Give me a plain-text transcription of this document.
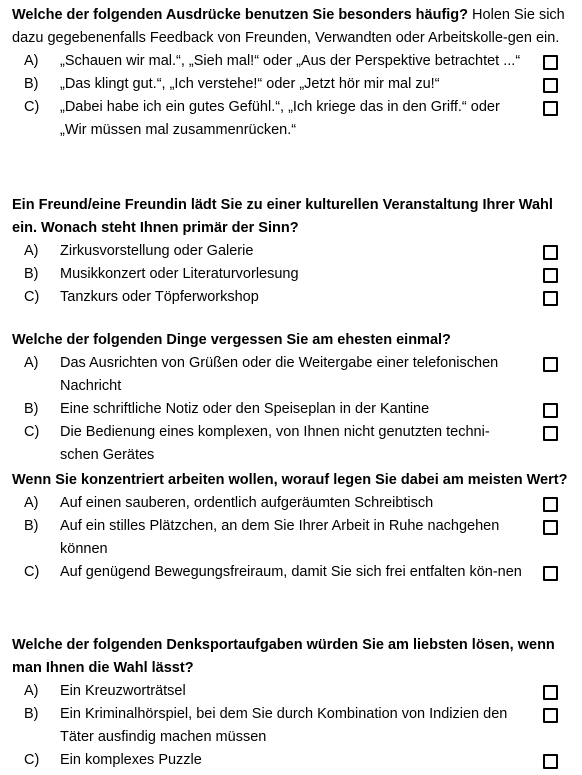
Welche der folgenden Ausdrücke benutzen Sie besonders häufig? Holen Sie sich dazu gegebenenfalls Feedback von Freunden, Verwandten oder Arbeitskolle-gen ein.

A) „Schauen wir mal.“, „Sieh mal!“ oder „Aus der Perspektive betrachtet ...“
B) „Das klingt gut.“, „Ich verstehe!“ oder „Jetzt hör mir mal zu!“
C) „Dabei habe ich ein gutes Gefühl.“, „Ich kriege das in den Griff.“ oder „Wir müssen mal zusammenrücken.“

Ein Freund/eine Freundin lädt Sie zu einer kulturellen Veranstaltung Ihrer Wahl ein. Wonach steht Ihnen primär der Sinn?

A) Zirkusvorstellung oder Galerie
B) Musikkonzert oder Literaturvorlesung
C) Tanzkurs oder Töpferworkshop

Welche der folgenden Dinge vergessen Sie am ehesten einmal?

A) Das Ausrichten von Grüßen oder die Weitergabe einer telefonischen Nachricht
B) Eine schriftliche Notiz oder den Speiseplan in der Kantine
C) Die Bedienung eines komplexen, von Ihnen nicht genutzten techni-schen Gerätes

Wenn Sie konzentriert arbeiten wollen, worauf legen Sie dabei am meisten Wert?

A) Auf einen sauberen, ordentlich aufgeräumten Schreibtisch
B) Auf ein stilles Plätzchen, an dem Sie Ihrer Arbeit in Ruhe nachgehen können
C) Auf genügend Bewegungsfreiraum, damit Sie sich frei entfalten kön-nen

Welche der folgenden Denksportaufgaben würden Sie am liebsten lösen, wenn man Ihnen die Wahl lässt?

A) Ein Kreuzworträtsel
B) Ein Kriminalhörspiel, bei dem Sie durch Kombination von Indizien den Täter ausfindig machen müssen
C) Ein komplexes Puzzle
